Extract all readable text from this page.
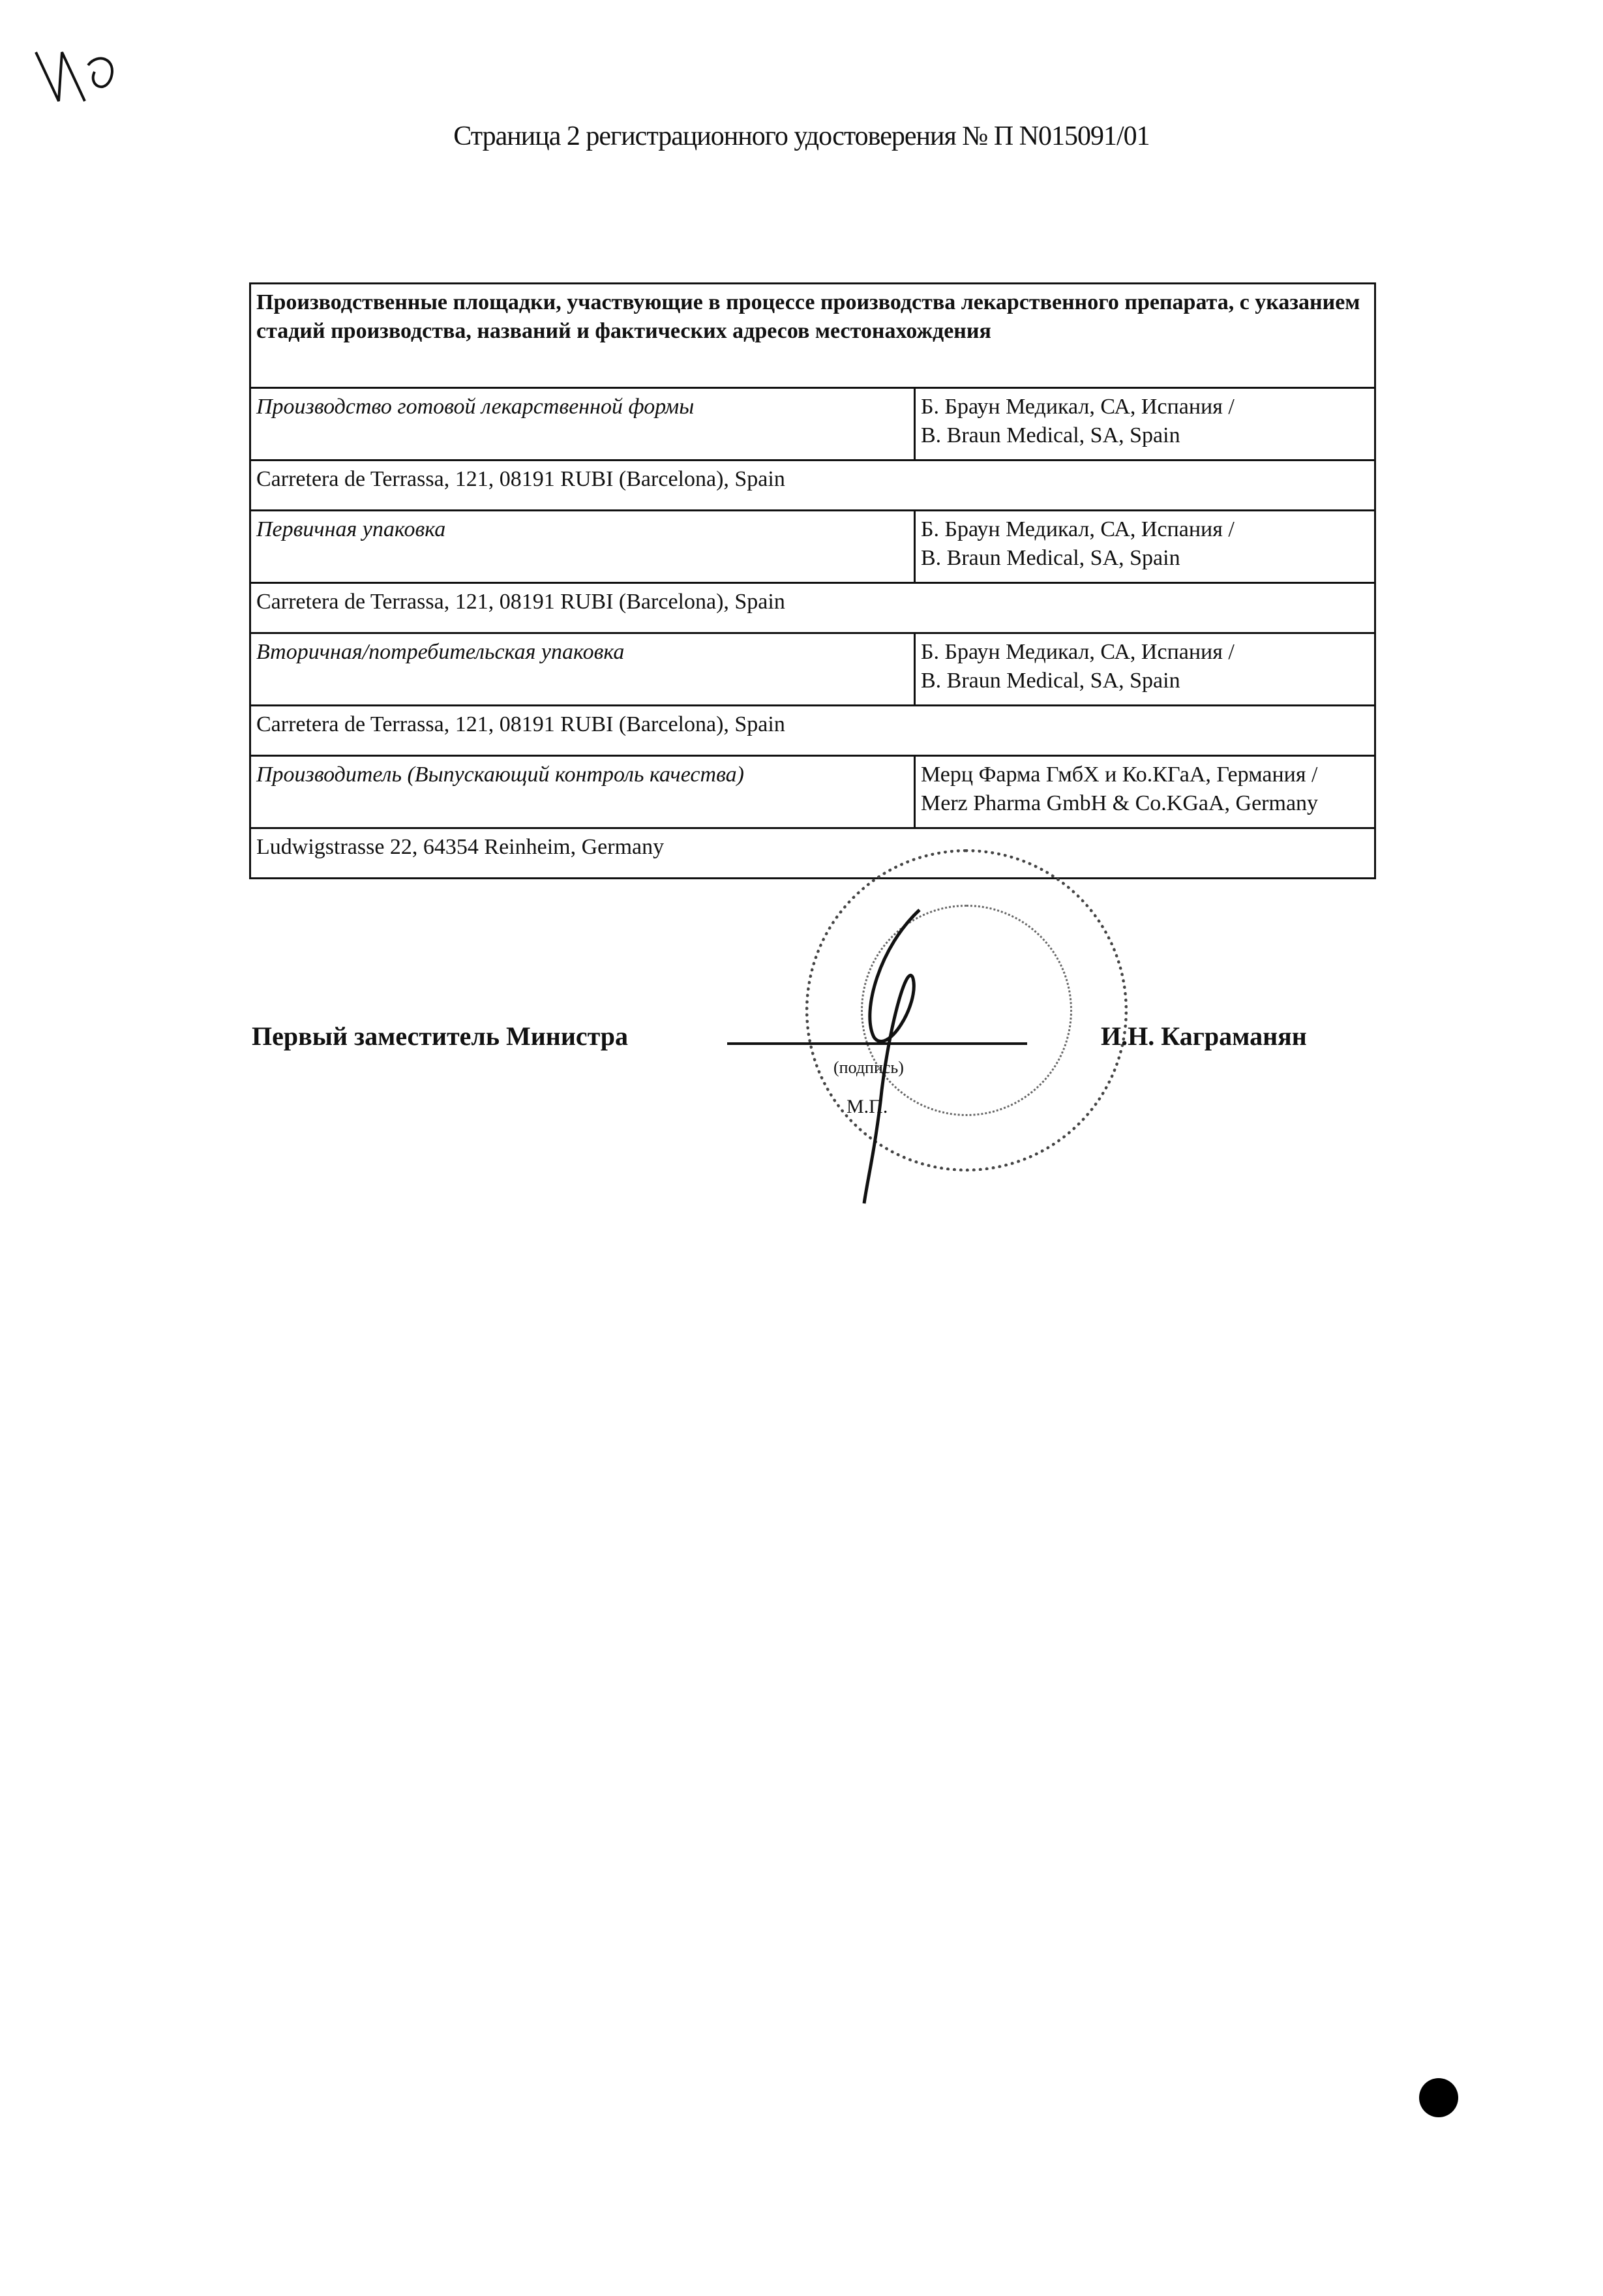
Страница 2 регистрационного удостоверения № П N015091/01
Производственные площадки, участвующие в процессе производства лекарственного препарата, с указанием стадий производства, названий и фактических адресов местонахождения	
Производство готовой лекарственной формы	Б. Браун Медикал, СА, Испания /
B. Braun Medical, SA, Spain

Carretera de Terrassa, 121, 08191 RUBI (Barcelona), Spain	
Первичная упаковка	Б. Браун Медикал, СА, Испания /
B. Braun Medical, SA, Spain

Carretera de Terrassa, 121, 08191 RUBI (Barcelona), Spain	
Вторичная/потребительская упаковка	Б. Браун Медикал, СА, Испания /
B. Braun Medical, SA, Spain

Carretera de Terrassa, 121, 08191 RUBI (Barcelona), Spain	
Производитель (Выпускающий контроль качества)	Мерц Фарма ГмбХ и Ко.КГаА, Германия /
Merz Pharma GmbH & Co.KGaA, Germany

Ludwigstrasse 22, 64354 Reinheim, Germany	
Первый заместитель Министра	И.Н. Каграманян
(подпись)
М.П.
